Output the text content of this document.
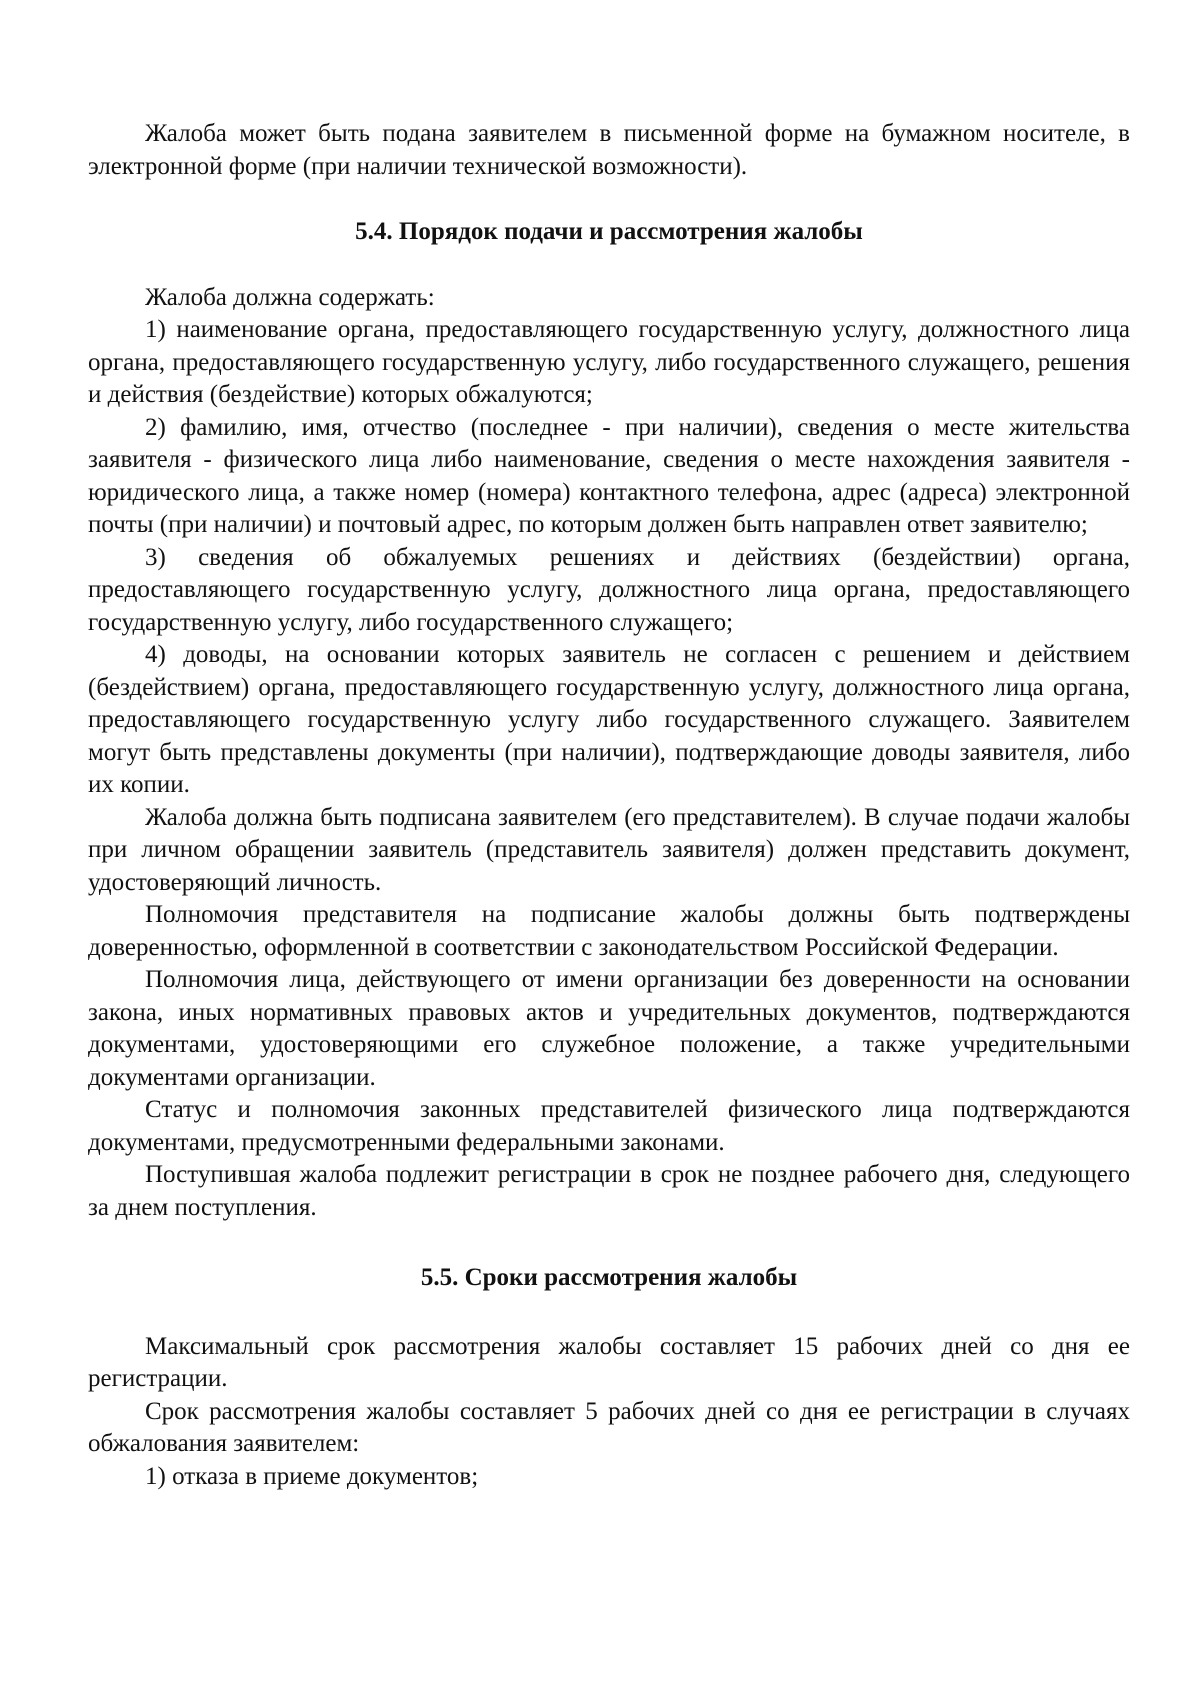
Жалоба может быть подана заявителем в письменной форме на бумажном носителе, в электронной форме (при наличии технической возможности).

5.4. Порядок подачи и рассмотрения жалобы

Жалоба должна содержать:

1) наименование органа, предоставляющего государственную услугу, должностного лица органа, предоставляющего государственную услугу, либо государственного служащего, решения и действия (бездействие) которых обжалуются;

2) фамилию, имя, отчество (последнее - при наличии), сведения о месте жительства заявителя - физического лица либо наименование, сведения о месте нахождения заявителя - юридического лица, а также номер (номера) контактного телефона, адрес (адреса) электронной почты (при наличии) и почтовый адрес, по которым должен быть направлен ответ заявителю;

3) сведения об обжалуемых решениях и действиях (бездействии) органа, предоставляющего государственную услугу, должностного лица органа, предоставляющего государственную услугу, либо государственного служащего;

4) доводы, на основании которых заявитель не согласен с решением и действием (бездействием) органа, предоставляющего государственную услугу, должностного лица органа, предоставляющего государственную услугу либо государственного служащего. Заявителем могут быть представлены документы (при наличии), подтверждающие доводы заявителя, либо их копии.

Жалоба должна быть подписана заявителем (его представителем). В случае подачи жалобы при личном обращении заявитель (представитель заявителя) должен представить документ, удостоверяющий личность.

Полномочия представителя на подписание жалобы должны быть подтверждены доверенностью, оформленной в соответствии с законодательством Российской Федерации.

Полномочия лица, действующего от имени организации без доверенности на основании закона, иных нормативных правовых актов и учредительных документов, подтверждаются документами, удостоверяющими его служебное положение, а также учредительными документами организации.

Статус и полномочия законных представителей физического лица подтверждаются документами, предусмотренными федеральными законами.

Поступившая жалоба подлежит регистрации в срок не позднее рабочего дня, следующего за днем поступления.

5.5. Сроки рассмотрения жалобы

Максимальный срок рассмотрения жалобы составляет 15 рабочих дней со дня ее регистрации.

Срок рассмотрения жалобы составляет 5 рабочих дней со дня ее регистрации в случаях обжалования заявителем:

1) отказа в приеме документов;
